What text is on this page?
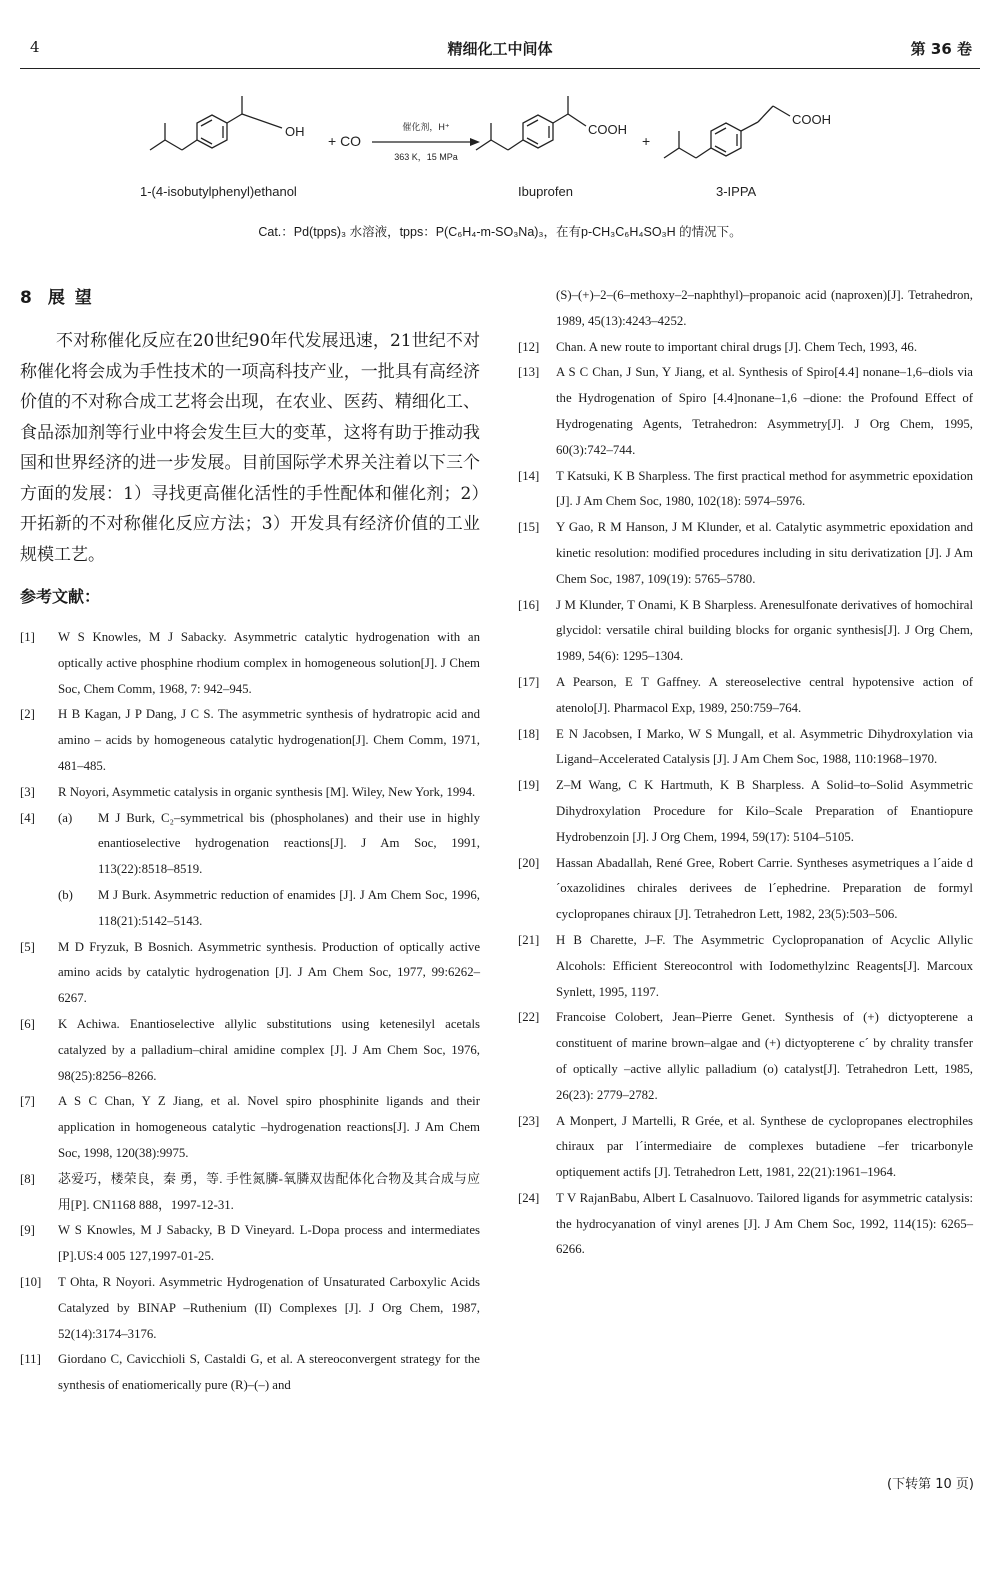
4	精细化工中间体	第 36 卷
OH
+ CO
催化剂，H⁺
363 K，15 MPa
COOH
+
COOH
1-(4-isobutylphenyl)ethanol	Ibuprofen	3-IPPA
Cat.：Pd(tpps)₃ 水溶液，tpps：P(C₆H₄-m-SO₃Na)₃，在有p-CH₃C₆H₄SO₃H 的情况下。
8 展 望

不对称催化反应在20世纪90年代发展迅速，21世纪不对称催化将会成为手性技术的一项高科技产业，一批具有高经济价值的不对称合成工艺将会出现，在农业、医药、精细化工、食品添加剂等行业中将会发生巨大的变革，这将有助于推动我国和世界经济的进一步发展。目前国际学术界关注着以下三个方面的发展：1）寻找更高催化活性的手性配体和催化剂；2）开拓新的不对称催化反应方法；3）开发具有经济价值的工业规模工艺。

参考文献：
[1]	W S Knowles, M J Sabacky. Asymmetric catalytic hydrogenation with an optically active phosphine rhodium complex in homogeneous solution[J]. J Chem Soc, Chem Comm, 1968, 7: 942–945.
[2]	H B Kagan, J P Dang, J C S. The asymmetric synthesis of hydratropic acid and amino – acids by homogeneous catalytic hydrogenation[J]. Chem Comm, 1971, 481–485.
[3]	R Noyori, Asymmetic catalysis in organic synthesis [M]. Wiley, New York, 1994.
[4]	(a)	M J Burk, C₂–symmetrical bis (phospholanes) and their use in highly enantioselective hydrogenation reactions[J]. J Am Soc, 1991, 113(22):8518–8519.
(b)	M J Burk. Asymmetric reduction of enamides [J]. J Am Chem Soc, 1996, 118(21):5142–5143.
[5]	M D Fryzuk, B Bosnich. Asymmetric synthesis. Production of optically active amino acids by catalytic hydrogenation [J]. J Am Chem Soc, 1977, 99:6262–6267.
[6]	K Achiwa. Enantioselective allylic substitutions using ketenesilyl acetals catalyzed by a palladium–chiral amidine complex [J]. J Am Chem Soc, 1976, 98(25):8256–8266.
[7]	A S C Chan, Y Z Jiang, et al. Novel spiro phosphinite ligands and their application in homogeneous catalytic –hydrogenation reactions[J]. J Am Chem Soc, 1998, 120(38):9975.
[8]	苾爱巧，楼荣良，秦 勇，等. 手性氮膦-氧膦双齿配体化合物及其合成与应用[P]. CN1168 888，1997-12-31.
[9]	W S Knowles, M J Sabacky, B D Vineyard. L-Dopa process and intermediates [P].US:4 005 127,1997-01-25.
[10]	T Ohta, R Noyori. Asymmetric Hydrogenation of Unsaturated Carboxylic Acids Catalyzed by BINAP –Ruthenium (II) Complexes [J]. J Org Chem, 1987, 52(14):3174–3176.
[11]	Giordano C, Cavicchioli S, Castaldi G, et al. A stereoconvergent strategy for the synthesis of enatiomerically pure (R)–(–) and
(S)–(+)–2–(6–methoxy–2–naphthyl)–propanoic acid (naproxen)[J]. Tetrahedron, 1989, 45(13):4243–4252.
[12]	Chan. A new route to important chiral drugs [J]. Chem Tech, 1993, 46.
[13]	A S C Chan, J Sun, Y Jiang, et al. Synthesis of Spiro[4.4] nonane–1,6–diols via the Hydrogenation of Spiro [4.4]nonane–1,6 –dione: the Profound Effect of Hydrogenating Agents, Tetrahedron: Asymmetry[J]. J Org Chem, 1995, 60(3):742–744.
[14]	T Katsuki, K B Sharpless. The first practical method for asymmetric epoxidation [J]. J Am Chem Soc, 1980, 102(18): 5974–5976.
[15]	Y Gao, R M Hanson, J M Klunder, et al. Catalytic asymmetric epoxidation and kinetic resolution: modified procedures including in situ derivatization [J]. J Am Chem Soc, 1987, 109(19): 5765–5780.
[16]	J M Klunder, T Onami, K B Sharpless. Arenesulfonate derivatives of homochiral glycidol: versatile chiral building blocks for organic synthesis[J]. J Org Chem, 1989, 54(6): 1295–1304.
[17]	A Pearson, E T Gaffney. A stereoselective central hypotensive action of atenolo[J]. Pharmacol Exp, 1989, 250:759–764.
[18]	E N Jacobsen, I Marko, W S Mungall, et al. Asymmetric Dihydroxylation via Ligand–Accelerated Catalysis [J]. J Am Chem Soc, 1988, 110:1968–1970.
[19]	Z–M Wang, C K Hartmuth, K B Sharpless. A Solid–to–Solid Asymmetric Dihydroxylation Procedure for Kilo–Scale Preparation of Enantiopure Hydrobenzoin [J]. J Org Chem, 1994, 59(17): 5104–5105.
[20]	Hassan Abadallah, René Gree, Robert Carrie. Syntheses asymetriques a l´aide d´oxazolidines chirales derivees de l´ephedrine. Preparation de formyl cyclopropanes chiraux [J]. Tetrahedron Lett, 1982, 23(5):503–506.
[21]	H B Charette, J–F. The Asymmetric Cyclopropanation of Acyclic Allylic Alcohols: Efficient Stereocontrol with Iodomethylzinc Reagents[J]. Marcoux Synlett, 1995, 1197.
[22]	Francoise Colobert, Jean–Pierre Genet. Synthesis of (+) dictyopterene a constituent of marine brown–algae and (+) dictyopterene c´ by chrality transfer of optically –active allylic palladium (o) catalyst[J]. Tetrahedron Lett, 1985, 26(23): 2779–2782.
[23]	A Monpert, J Martelli, R Grée, et al. Synthese de cyclopropanes electrophiles chiraux par l´intermediaire de complexes butadiene –fer tricarbonyle optiquement actifs [J]. Tetrahedron Lett, 1981, 22(21):1961–1964.
[24]	T V RajanBabu, Albert L Casalnuovo. Tailored ligands for asymmetric catalysis: the hydrocyanation of vinyl arenes [J]. J Am Chem Soc, 1992, 114(15): 6265–6266.
(下转第 10 页)
